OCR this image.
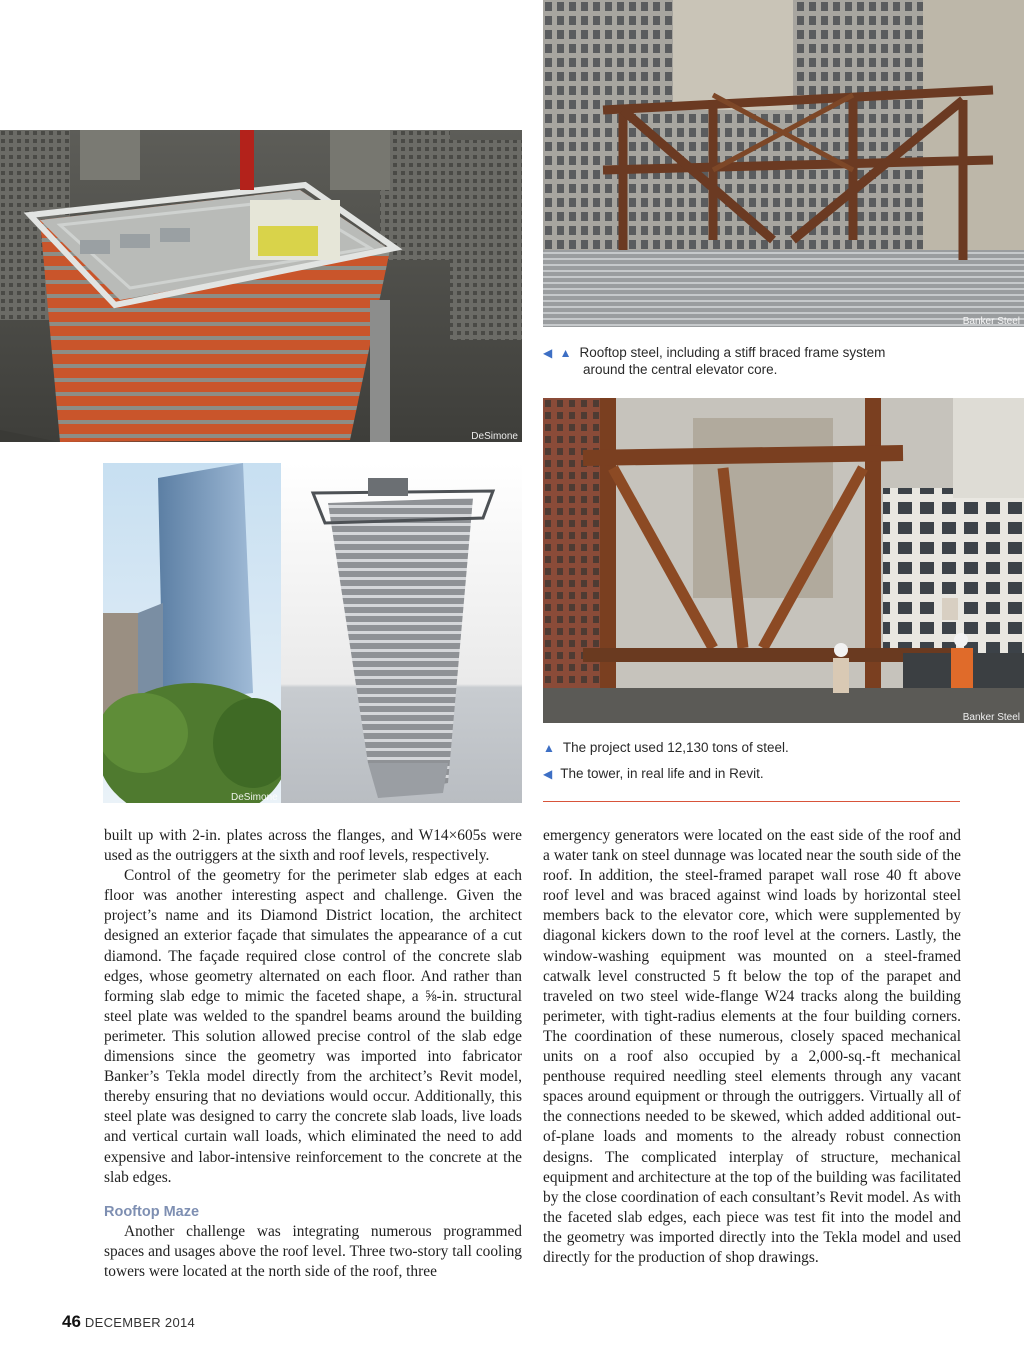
DeSimone
Banker Steel
◀ ▲ Rooftop steel, including a stiff braced frame system
around the central elevator core.
Banker Steel
DeSimone
▲ The project used 12,130 tons of steel.
◀ The tower, in real life and in Revit.

built up with 2-in. plates across the flanges, and W14×605s were used as the outriggers at the sixth and roof levels, respectively.

Control of the geometry for the perimeter slab edges at each floor was another interesting aspect and challenge. Given the project’s name and its Diamond District location, the architect designed an exterior façade that simulates the appearance of a cut diamond. The façade required close control of the concrete slab edges, whose geometry alternated on each floor. And rather than forming slab edge to mimic the faceted shape, a ⅝-in. structural steel plate was welded to the spandrel beams around the building perimeter. This solution allowed precise control of the slab edge dimensions since the geometry was imported into fabricator Banker’s Tekla model directly from the architect’s Revit model, thereby ensuring that no deviations would occur. Additionally, this steel plate was designed to carry the concrete slab loads, live loads and vertical curtain wall loads, which eliminated the need to add expensive and labor-intensive reinforcement to the concrete at the slab edges.

Rooftop Maze

Another challenge was integrating numerous programmed spaces and usages above the roof level. Three two-story tall cooling towers were located at the north side of the roof, three

emergency generators were located on the east side of the roof and a water tank on steel dunnage was located near the south side of the roof. In addition, the steel-framed parapet wall rose 40 ft above roof level and was braced against wind loads by horizontal steel members back to the elevator core, which were supplemented by diagonal kickers down to the roof level at the corners. Lastly, the window-washing equipment was mounted on a steel-framed catwalk level constructed 5 ft below the top of the parapet and traveled on two steel wide-flange W24 tracks along the building perimeter, with tight-radius elements at the four building corners. The coordination of these numerous, closely spaced mechanical units on a roof also occupied by a 2,000-sq.-ft mechanical penthouse required needling steel elements through any vacant spaces around equipment or through the outriggers. Virtually all of the connections needed to be skewed, which added additional out-of-plane loads and moments to the already robust connection designs. The complicated interplay of structure, mechanical equipment and architecture at the top of the building was facilitated by the close coordination of each consultant’s Revit model. As with the faceted slab edges, each piece was test fit into the model and the geometry was imported directly into the Tekla model and used directly for the production of shop drawings.

46 DECEMBER 2014
